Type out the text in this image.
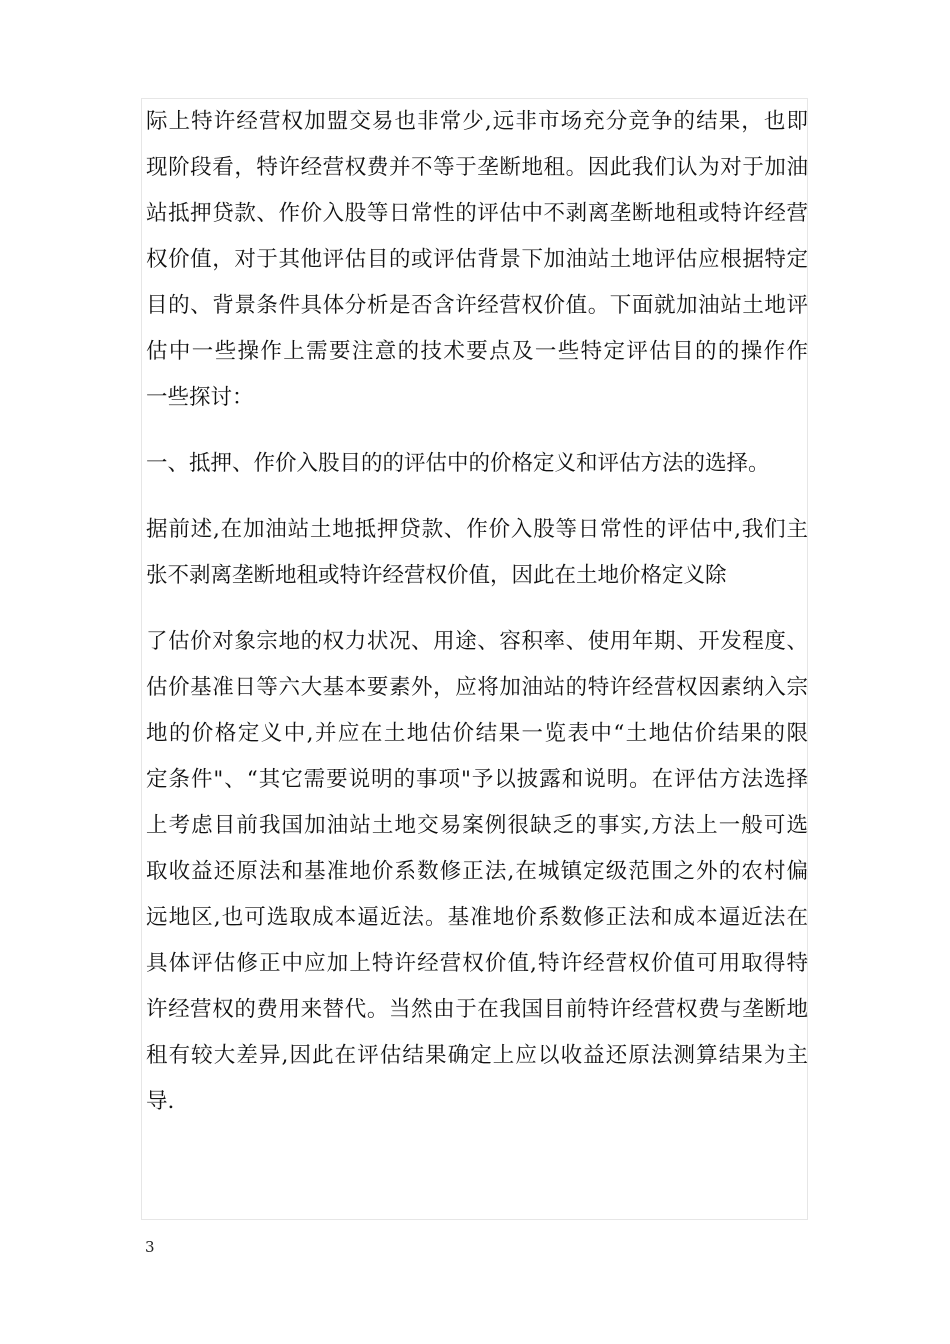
际上特许经营权加盟交易也非常少,远非市场充分竞争的结果，也即
现阶段看，特许经营权费并不等于垄断地租。因此我们认为对于加油
站抵押贷款、作价入股等日常性的评估中不剥离垄断地租或特许经营
权价值，对于其他评估目的或评估背景下加油站土地评估应根据特定
目的、背景条件具体分析是否含许经营权价值。下面就加油站土地评
估中一些操作上需要注意的技术要点及一些特定评估目的的操作作
一些探讨：
一、抵押、作价入股目的的评估中的价格定义和评估方法的选择。
据前述,在加油站土地抵押贷款、作价入股等日常性的评估中,我们主
张不剥离垄断地租或特许经营权价值，因此在土地价格定义除
了估价对象宗地的权力状况、用途、容积率、使用年期、开发程度、
估价基准日等六大基本要素外，应将加油站的特许经营权因素纳入宗
地的价格定义中,并应在土地估价结果一览表中“土地估价结果的限
定条件"、“其它需要说明的事项"予以披露和说明。在评估方法选择
上考虑目前我国加油站土地交易案例很缺乏的事实,方法上一般可选
取收益还原法和基准地价系数修正法,在城镇定级范围之外的农村偏
远地区,也可选取成本逼近法。基准地价系数修正法和成本逼近法在
具体评估修正中应加上特许经营权价值,特许经营权价值可用取得特
许经营权的费用来替代。当然由于在我国目前特许经营权费与垄断地
租有较大差异,因此在评估结果确定上应以收益还原法测算结果为主
导.
3
